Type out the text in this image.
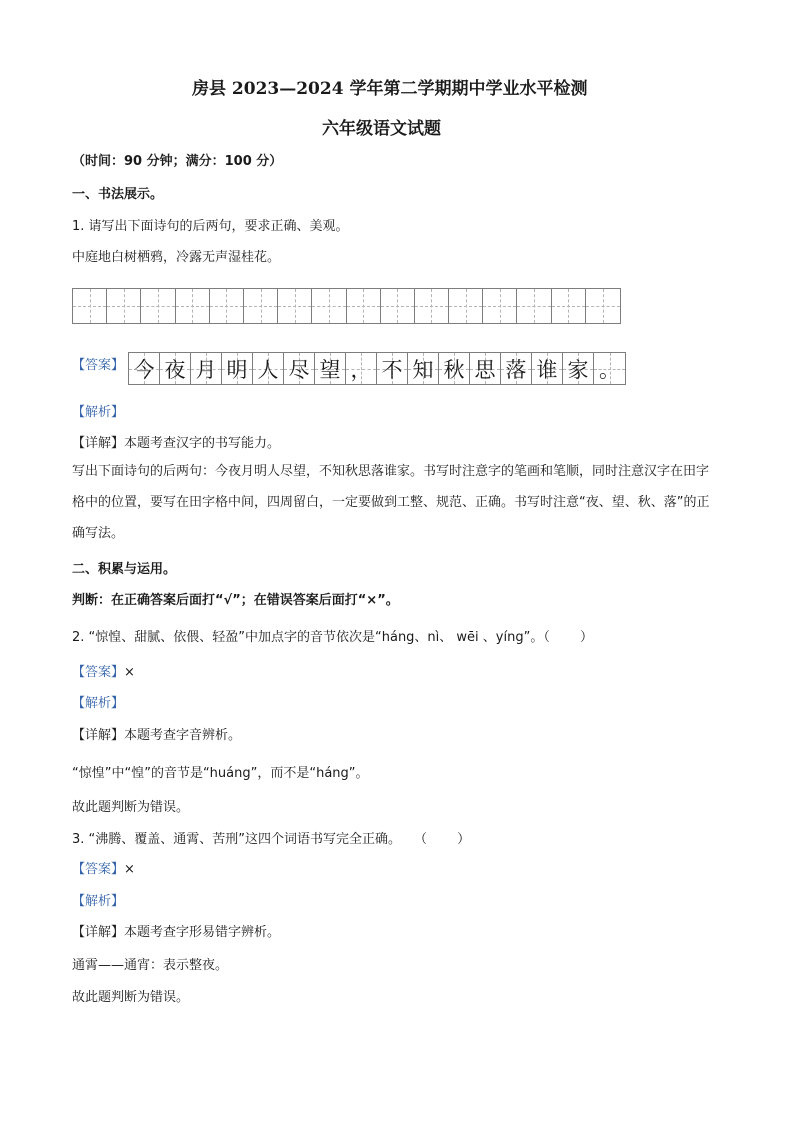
房县 2023—2024 学年第二学期期中学业水平检测
六年级语文试题
（时间：90 分钟；满分：100 分）
一、书法展示。
1. 请写出下面诗句的后两句，要求正确、美观。
中庭地白树栖鸦，冷露无声湿桂花。
【答案】 今 夜 月 明 人 尽 望 ， 不 知 秋 思 落 谁 家 。
【解析】
【详解】本题考查汉字的书写能力。
写出下面诗句的后两句：今夜月明人尽望，不知秋思落谁家。书写时注意字的笔画和笔顺，同时注意汉字在田字格中的位置，要写在田字格中间，四周留白，一定要做到工整、规范、正确。书写时注意“夜、望、秋、落”的正确写法。
二、积累与运用。
判断：在正确答案后面打“√”；在错误答案后面打“×”。
2. “惊惶、甜腻、依偎、轻盈”中加点字的音节依次是“háng、nì、 wēi 、yíng”。（　　 ）
【答案】×
【解析】
【详解】本题考查字音辨析。
“惊惶”中“惶”的音节是“huáng”，而不是“háng”。
故此题判断为错误。
3. “沸腾、覆盖、通霄、苦刑”这四个词语书写完全正确。　　（　　 ）
【答案】×
【解析】
【详解】本题考查字形易错字辨析。
通霄——通宵：表示整夜。
故此题判断为错误。
